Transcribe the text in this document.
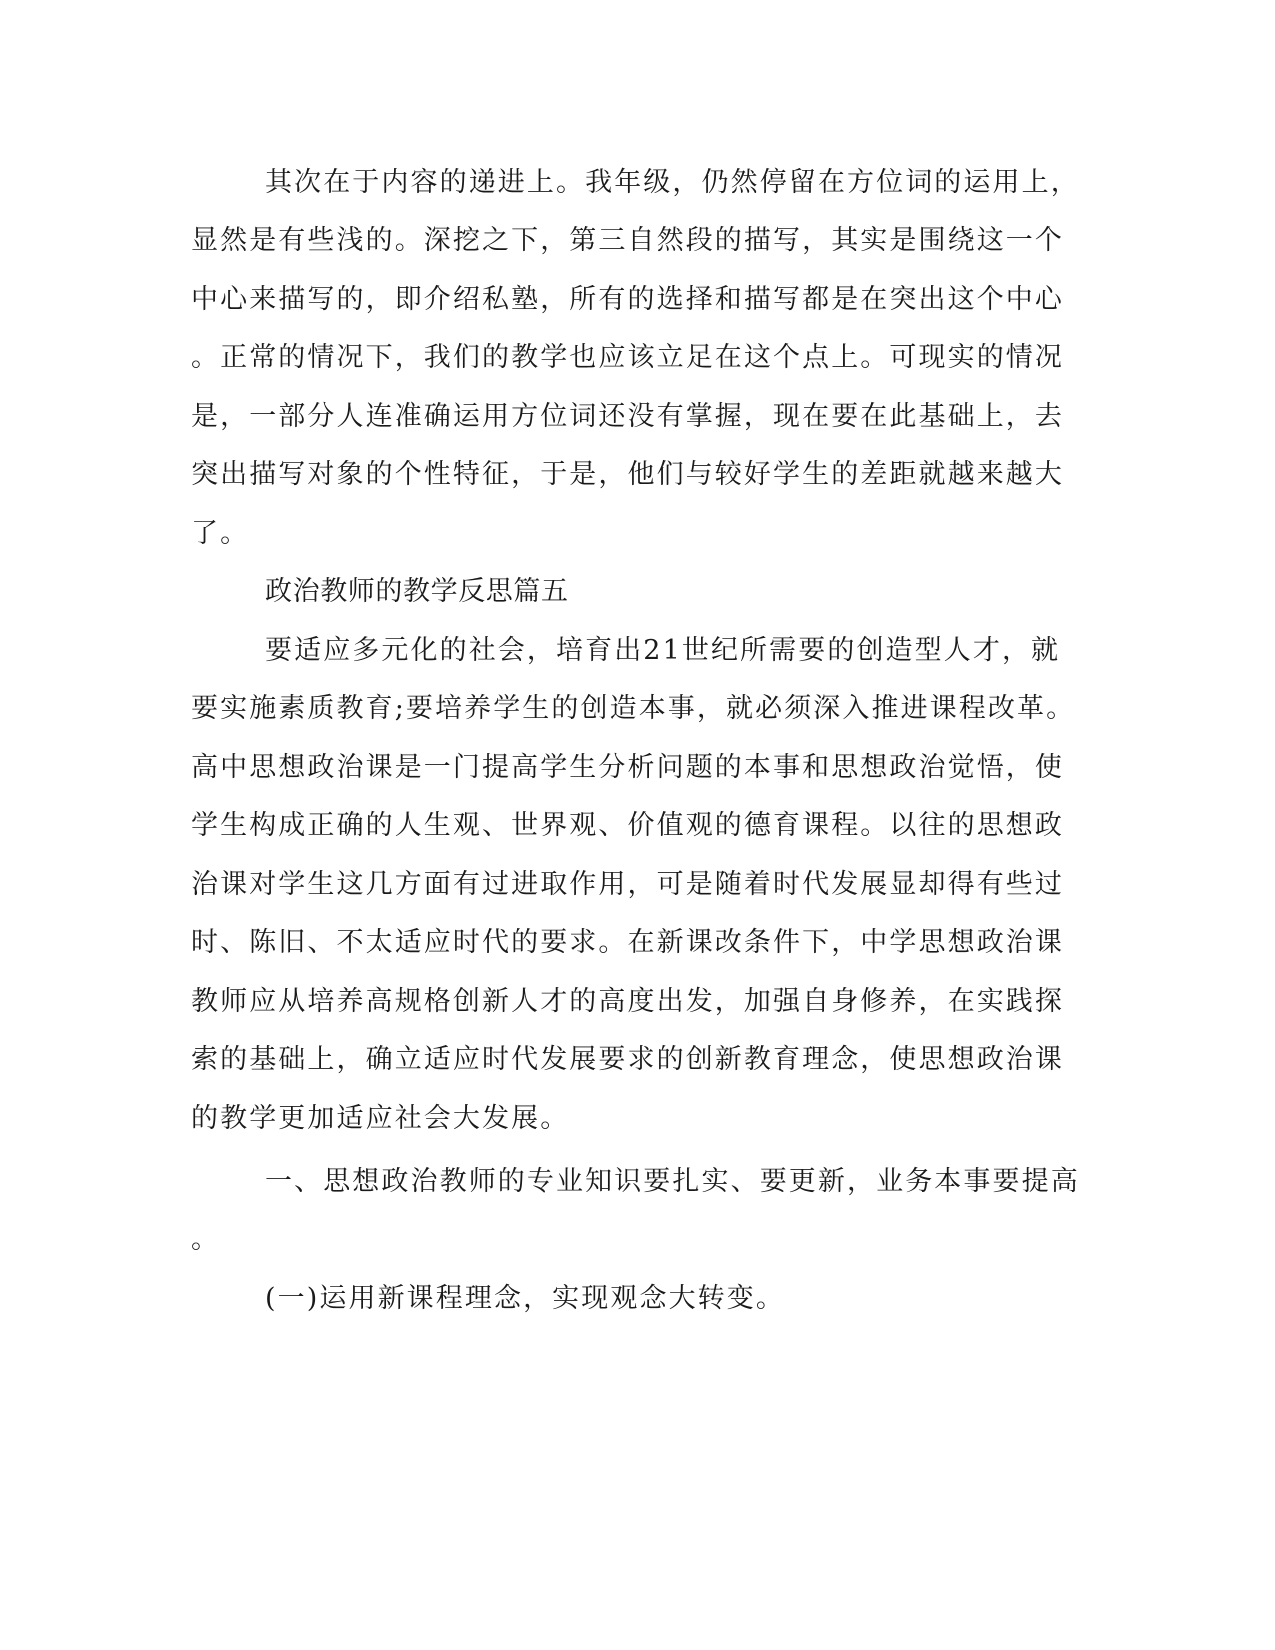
其次在于内容的递进上。我年级，仍然停留在方位词的运用上，
显然是有些浅的。深挖之下，第三自然段的描写，其实是围绕这一个
中心来描写的，即介绍私塾，所有的选择和描写都是在突出这个中心
。正常的情况下，我们的教学也应该立足在这个点上。可现实的情况
是，一部分人连准确运用方位词还没有掌握，现在要在此基础上，去
突出描写对象的个性特征，于是，他们与较好学生的差距就越来越大
了。
政治教师的教学反思篇五
要适应多元化的社会，培育出21世纪所需要的创造型人才，就
要实施素质教育;要培养学生的创造本事，就必须深入推进课程改革。
高中思想政治课是一门提高学生分析问题的本事和思想政治觉悟，使
学生构成正确的人生观、世界观、价值观的德育课程。以往的思想政
治课对学生这几方面有过进取作用，可是随着时代发展显却得有些过
时、陈旧、不太适应时代的要求。在新课改条件下，中学思想政治课
教师应从培养高规格创新人才的高度出发，加强自身修养，在实践探
索的基础上，确立适应时代发展要求的创新教育理念，使思想政治课
的教学更加适应社会大发展。
一、思想政治教师的专业知识要扎实、要更新，业务本事要提高
。
(一)运用新课程理念，实现观念大转变。
